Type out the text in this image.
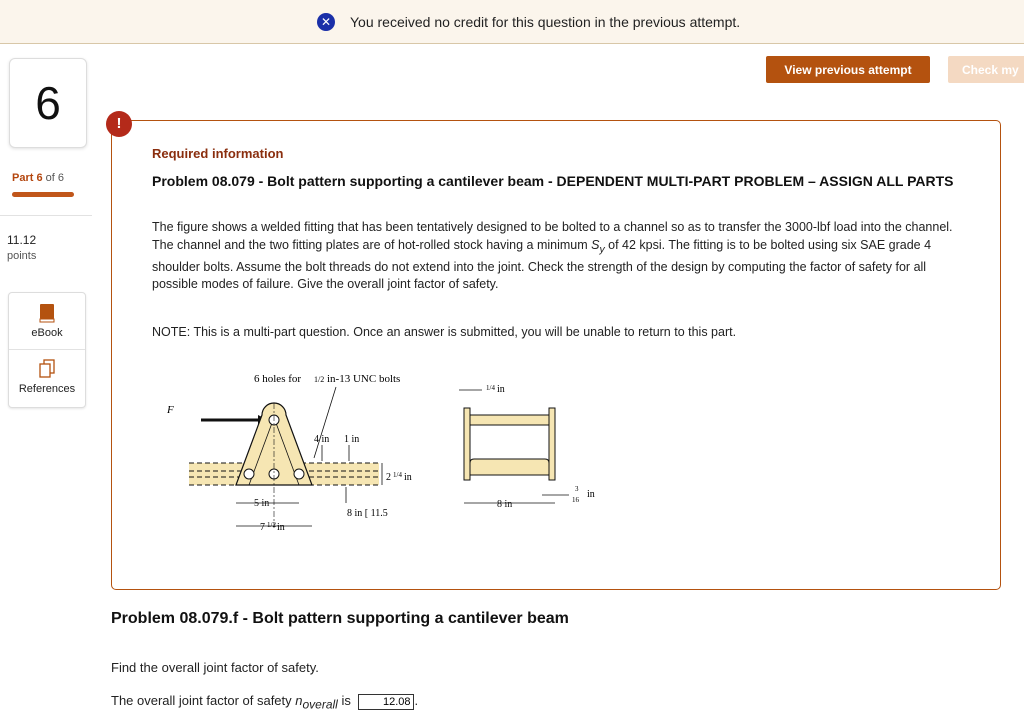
✕ You received no credit for this question in the previous attempt.
6
Part 6 of 6
11.12
points
eBook
References
View previous attempt	Check my
Required information
Problem 08.079 - Bolt pattern supporting a cantilever beam - DEPENDENT MULTI-PART PROBLEM – ASSIGN ALL PARTS

The figure shows a welded fitting that has been tentatively designed to be bolted to a channel so as to transfer the 3000-lbf load into the channel. The channel and the two fitting plates are of hot-rolled stock having a minimum $S_y$ of 42 kpsi. The fitting is to be bolted using six SAE grade 4 shoulder bolts. Assume the bolt threads do not extend into the joint. Check the strength of the design by computing the factor of safety for all possible modes of failure. Give the overall joint factor of safety.

NOTE: This is a multi-part question. Once an answer is submitted, you will be unable to return to this part.
6 holes for 1/2 in-13 UNC bolts
F
4 in 1 in
2 1/4 in
5 in
7 1/2 in
8 in [ 11.5
1/4 in
8 in
3
16 in
!
Problem 08.079.f - Bolt pattern supporting a cantilever beam
Find the overall joint factor of safety.
The overall joint factor of safety $n_{overall}$ is 12.08	.
